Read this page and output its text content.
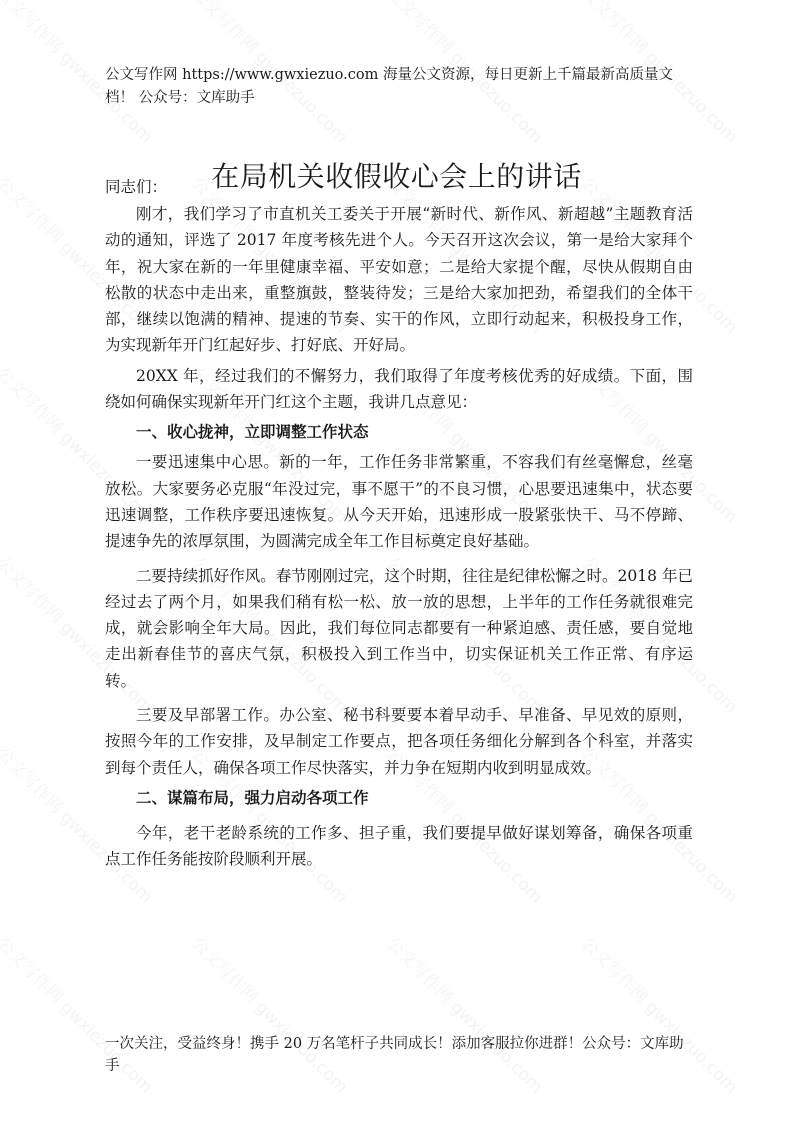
公文写作网 https://www.gwxiezuo.com 海量公文资源，每日更新上千篇最新高质量文档！ 公众号：文库助手
在局机关收假收心会上的讲话

同志们：

刚才，我们学习了市直机关工委关于开展“新时代、新作风、新超越”主题教育活动的通知，评选了 2017 年度考核先进个人。今天召开这次会议，第一是给大家拜个年，祝大家在新的一年里健康幸福、平安如意；二是给大家提个醒，尽快从假期自由松散的状态中走出来，重整旗鼓，整装待发；三是给大家加把劲，希望我们的全体干部，继续以饱满的精神、提速的节奏、实干的作风，立即行动起来，积极投身工作，为实现新年开门红起好步、打好底、开好局。

20XX 年，经过我们的不懈努力，我们取得了年度考核优秀的好成绩。下面，围绕如何确保实现新年开门红这个主题，我讲几点意见：

一、收心拢神，立即调整工作状态

一要迅速集中心思。新的一年，工作任务非常繁重，不容我们有丝毫懈怠，丝毫放松。大家要务必克服“年没过完，事不愿干”的不良习惯，心思要迅速集中，状态要迅速调整，工作秩序要迅速恢复。从今天开始，迅速形成一股紧张快干、马不停蹄、提速争先的浓厚氛围，为圆满完成全年工作目标奠定良好基础。

二要持续抓好作风。春节刚刚过完，这个时期，往往是纪律松懈之时。2018 年已经过去了两个月，如果我们稍有松一松、放一放的思想，上半年的工作任务就很难完成，就会影响全年大局。因此，我们每位同志都要有一种紧迫感、责任感，要自觉地走出新春佳节的喜庆气氛，积极投入到工作当中，切实保证机关工作正常、有序运转。

三要及早部署工作。办公室、秘书科要要本着早动手、早准备、早见效的原则，按照今年的工作安排，及早制定工作要点，把各项任务细化分解到各个科室，并落实到每个责任人，确保各项工作尽快落实，并力争在短期内收到明显成效。

二、谋篇布局，强力启动各项工作

今年，老干老龄系统的工作多、担子重，我们要提早做好谋划筹备，确保各项重点工作任务能按阶段顺利开展。

一次关注，受益终身！携手 20 万名笔杆子共同成长！添加客服拉你进群！公众号：文库助手
